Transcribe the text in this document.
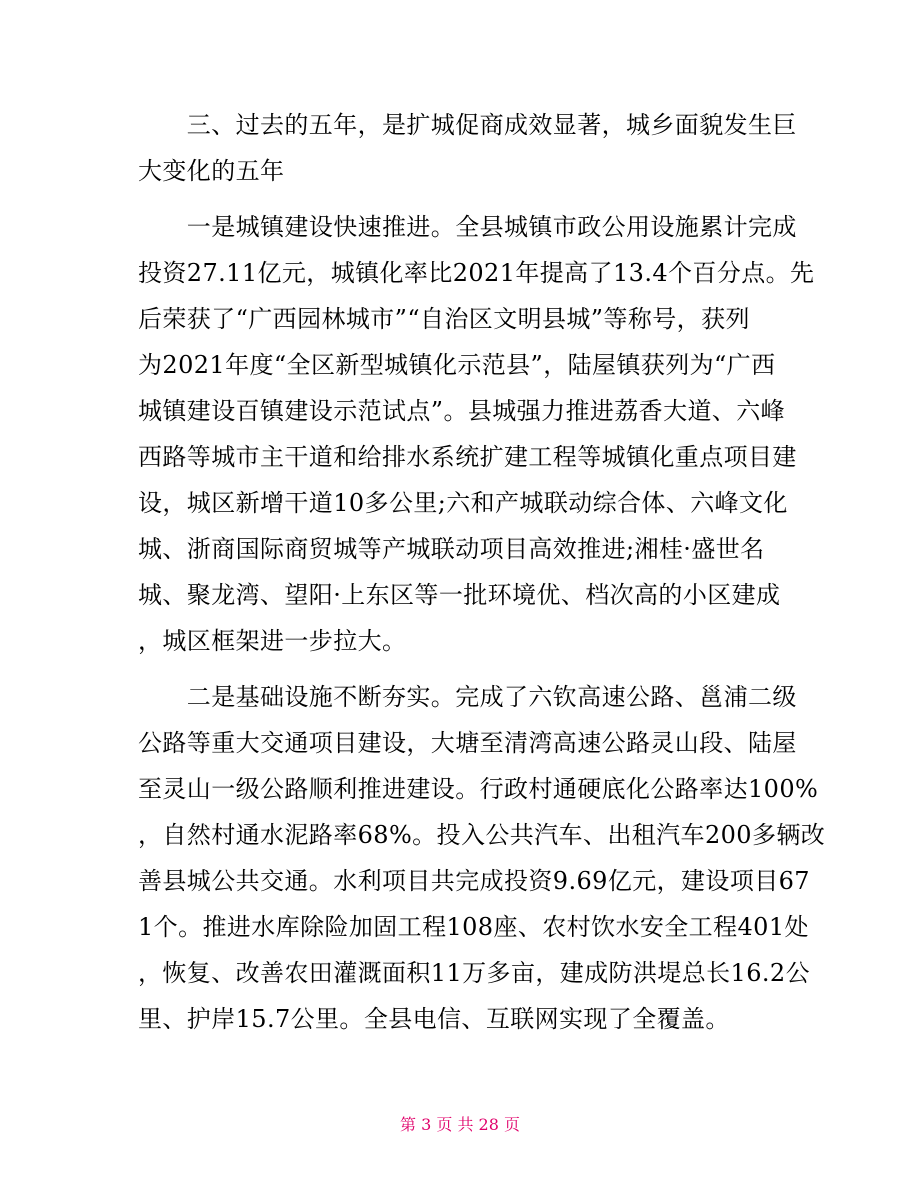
　　三、过去的五年，是扩城促商成效显著，城乡面貌发生巨
大变化的五年
　　一是城镇建设快速推进。全县城镇市政公用设施累计完成
投资27.11亿元，城镇化率比2021年提高了13.4个百分点。先
后荣获了“广西园林城市”“自治区文明县城”等称号，获列
为2021年度“全区新型城镇化示范县”，陆屋镇获列为“广西
城镇建设百镇建设示范试点”。县城强力推进荔香大道、六峰
西路等城市主干道和给排水系统扩建工程等城镇化重点项目建
设，城区新增干道10多公里;六和产城联动综合体、六峰文化
城、浙商国际商贸城等产城联动项目高效推进;湘桂·盛世名
城、聚龙湾、望阳·上东区等一批环境优、档次高的小区建成
，城区框架进一步拉大。
　　二是基础设施不断夯实。完成了六钦高速公路、邕浦二级
公路等重大交通项目建设，大塘至清湾高速公路灵山段、陆屋
至灵山一级公路顺利推进建设。行政村通硬底化公路率达100%
，自然村通水泥路率68%。投入公共汽车、出租汽车200多辆改
善县城公共交通。水利项目共完成投资9.69亿元，建设项目67
1个。推进水库除险加固工程108座、农村饮水安全工程401处
，恢复、改善农田灌溉面积11万多亩，建成防洪堤总长16.2公
里、护岸15.7公里。全县电信、互联网实现了全覆盖。
第 3 页 共 28 页
